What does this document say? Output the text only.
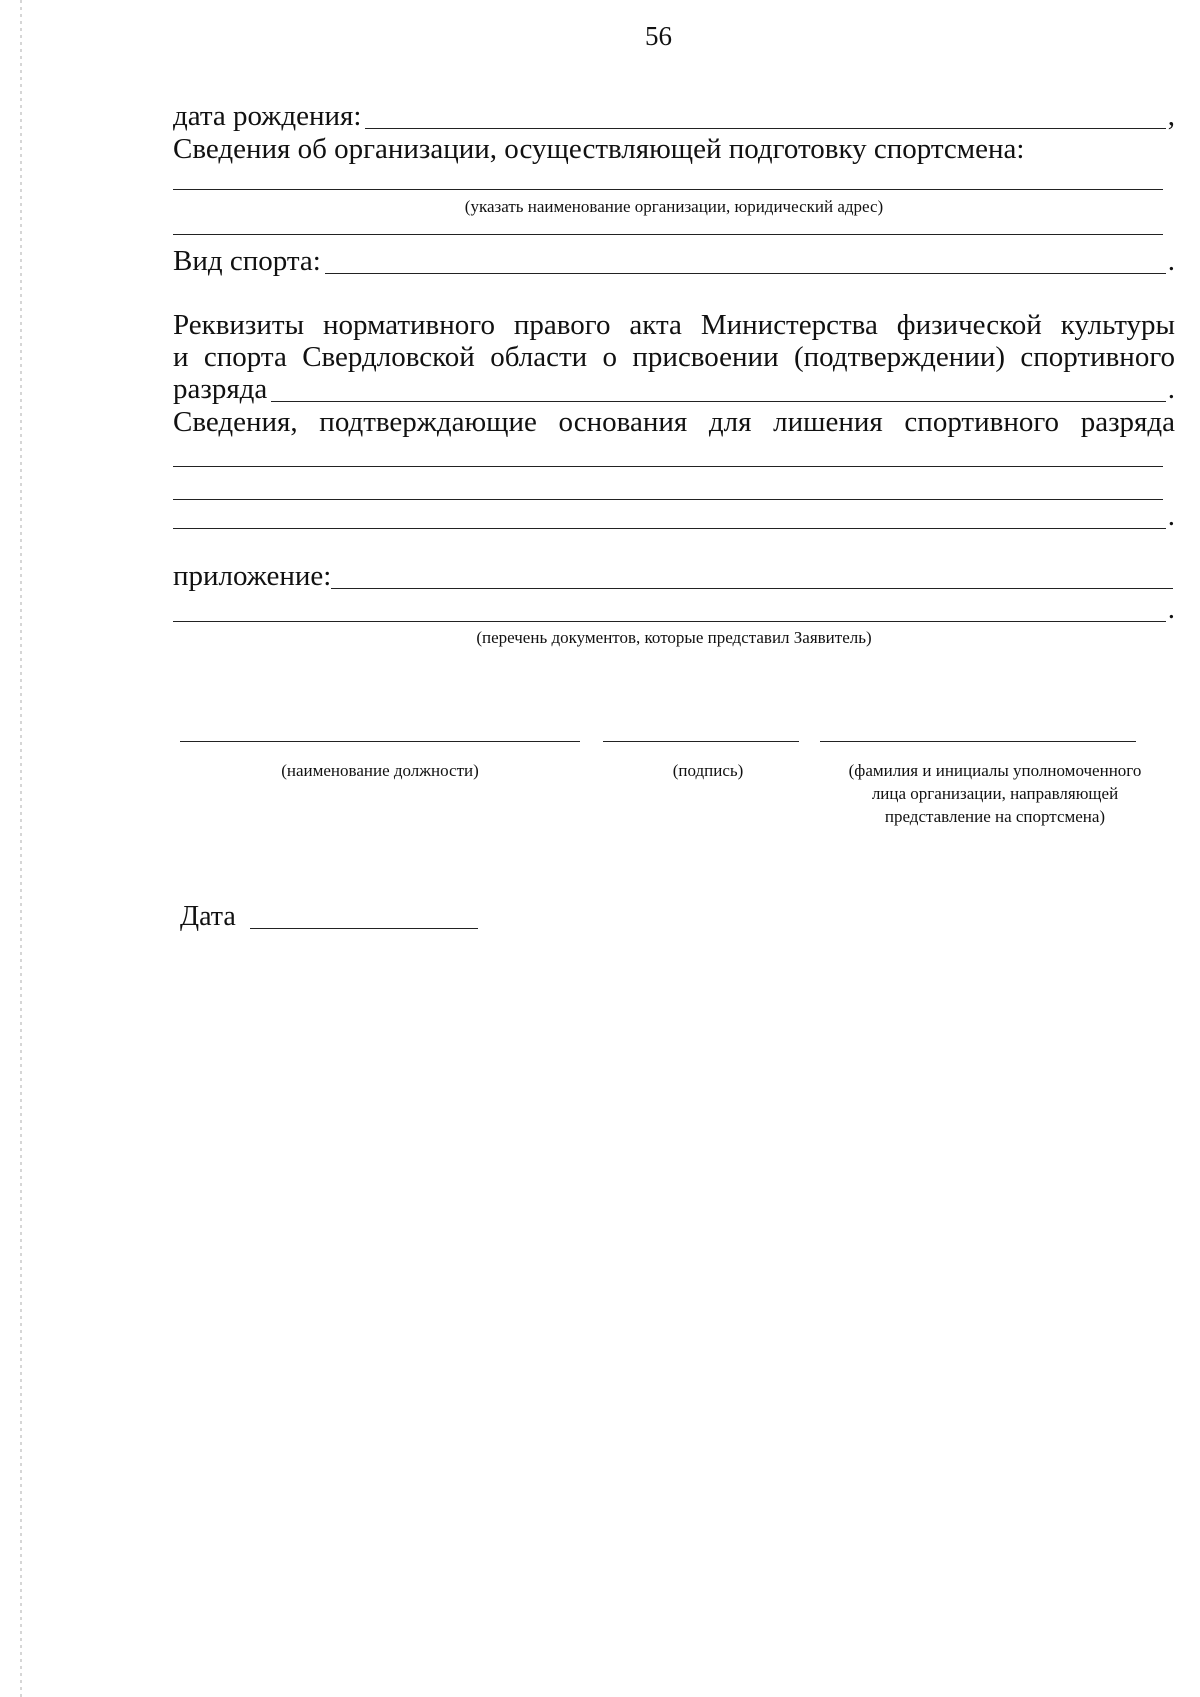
56
дата рождения:	,
Сведения об организации, осуществляющей подготовку спортсмена:
(указать наименование организации, юридический адрес)
Вид спорта:	.
Реквизиты нормативного правого акта Министерства физической культуры
и спорта Свердловской области о присвоении (подтверждении) спортивного
разряда	.
Сведения, подтверждающие основания для лишения спортивного разряда
.
приложение:
.
(перечень документов, которые представил Заявитель)
(наименование должности)	(подпись)	(фамилия и инициалы уполномоченного
лица организации, направляющей
представление на спортсмена)
Дата
